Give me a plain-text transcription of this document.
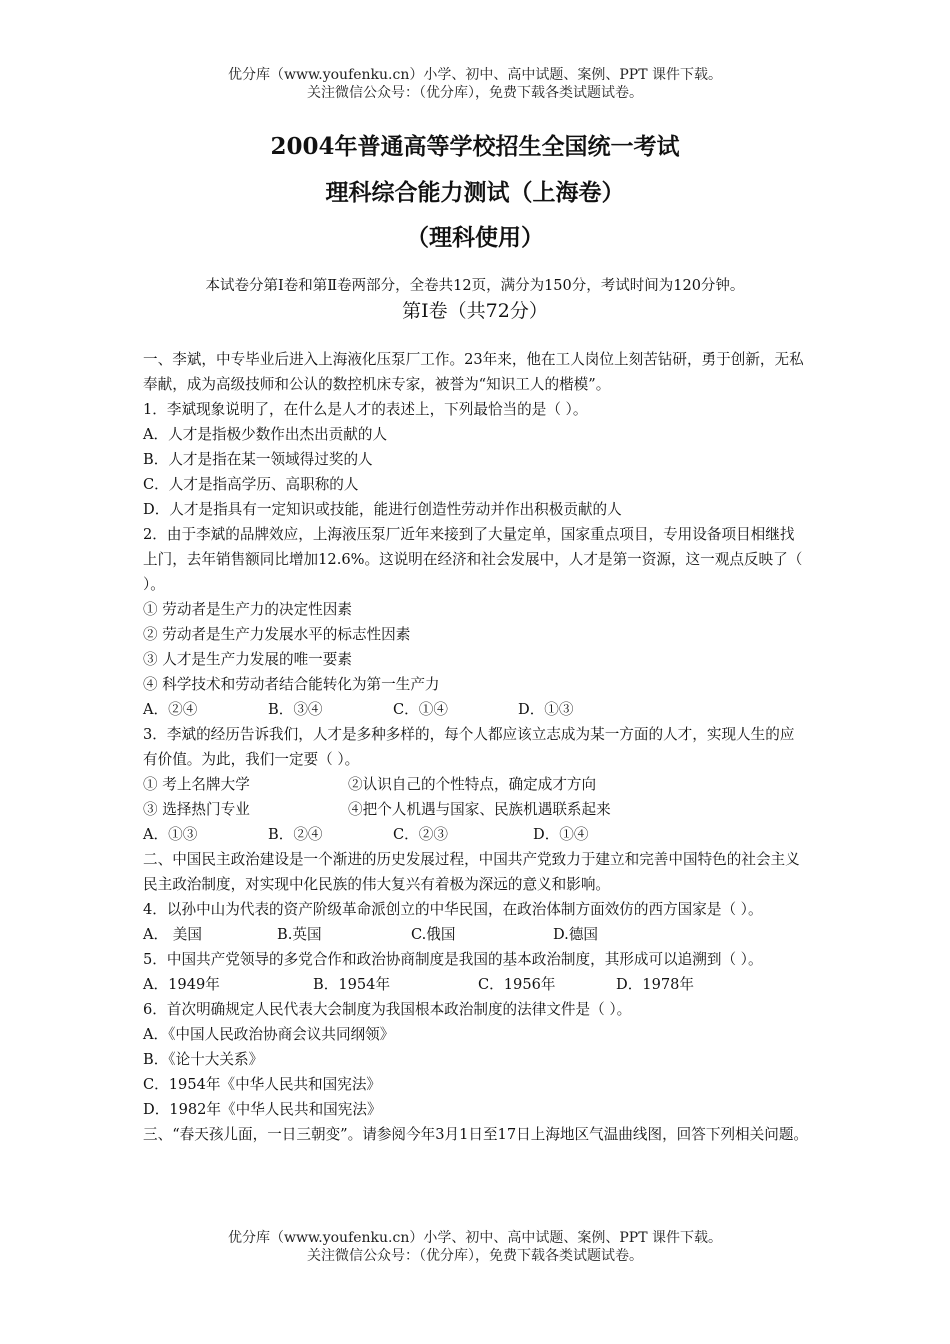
优分库（www.youfenku.cn）小学、初中、高中试题、案例、PPT 课件下载。
关注微信公众号：（优分库），免费下载各类试题试卷。

2004年普通高等学校招生全国统一考试

理科综合能力测试（上海卷）

（理科使用）

本试卷分第Ⅰ卷和第Ⅱ卷两部分，全卷共12页，满分为150分，考试时间为120分钟。
第Ⅰ卷（共72分）

一、李斌，中专毕业后进入上海液化压泵厂工作。23年来，他在工人岗位上刻苦钻研，勇于创新，无私奉献，成为高级技师和公认的数控机床专家，被誉为“知识工人的楷模”。

1．李斌现象说明了，在什么是人才的表述上，下列最恰当的是（ ）。

A．人才是指极少数作出杰出贡献的人

B．人才是指在某一领域得过奖的人

C．人才是指高学历、高职称的人

D．人才是指具有一定知识或技能，能进行创造性劳动并作出积极贡献的人

2．由于李斌的品牌效应，上海液压泵厂近年来接到了大量定单，国家重点项目，专用设备项目相继找上门，去年销售额同比增加12.6%。这说明在经济和社会发展中，人才是第一资源，这一观点反映了（ ）。

① 劳动者是生产力的决定性因素

② 劳动者是生产力发展水平的标志性因素

③ 人才是生产力发展的唯一要素

④ 科学技术和劳动者结合能转化为第一生产力

A．②④	B．③④	C．①④	D．①③

3．李斌的经历告诉我们，人才是多种多样的，每个人都应该立志成为某一方面的人才，实现人生的应有价值。为此，我们一定要（ ）。

① 考上名牌大学	②认识自己的个性特点，确定成才方向
③ 选择热门专业	④把个人机遇与国家、民族机遇联系起来
A．①③	B．②④	C．②③	D．①④

二、中国民主政治建设是一个渐进的历史发展过程，中国共产党致力于建立和完善中国特色的社会主义民主政治制度，对实现中化民族的伟大复兴有着极为深远的意义和影响。

4．以孙中山为代表的资产阶级革命派创立的中华民国，在政治体制方面效仿的西方国家是（ ）。

A． 美国	B.英国	C.俄国	D.德国

5．中国共产党领导的多党合作和政治协商制度是我国的基本政治制度，其形成可以追溯到（ ）。

A．1949年	B．1954年	C．1956年	D．1978年

6．首次明确规定人民代表大会制度为我国根本政治制度的法律文件是（ ）。

A．《中国人民政治协商会议共同纲领》

B．《论十大关系》

C．1954年《中华人民共和国宪法》

D．1982年《中华人民共和国宪法》

三、“春天孩儿面，一日三朝变”。请参阅今年3月1日至17日上海地区气温曲线图，回答下列相关问题。

优分库（www.youfenku.cn）小学、初中、高中试题、案例、PPT 课件下载。
关注微信公众号：（优分库），免费下载各类试题试卷。
